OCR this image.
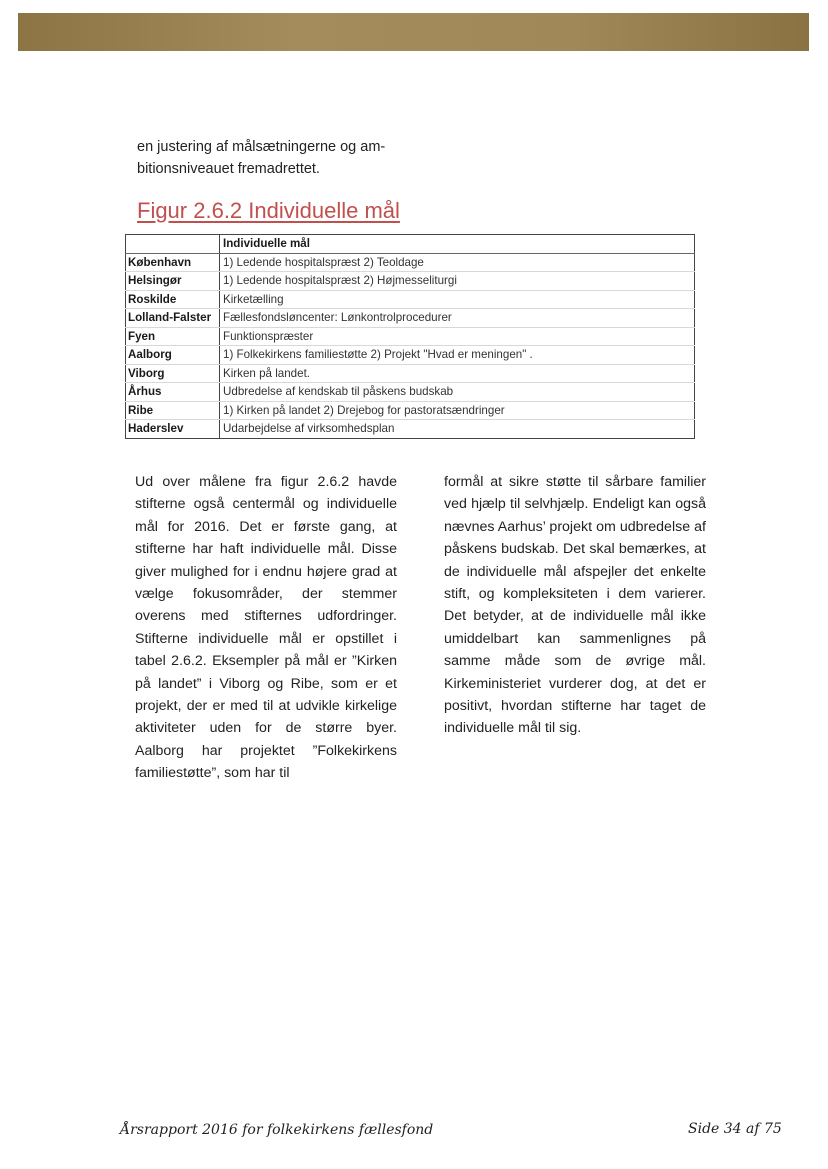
en justering af målsætningerne og am-

bitionsniveauet fremadrettet.

Figur 2.6.2 Individuelle mål
	Individuelle mål
København	1) Ledende hospitalspræst 2) Teoldage
Helsingør	1) Ledende hospitalspræst 2) Højmesseliturgi
Roskilde	Kirketælling
Lolland-Falster	Fællesfondsløncenter: Lønkontrolprocedurer
Fyen	Funktionspræster
Aalborg	1) Folkekirkens familiestøtte 2) Projekt "Hvad er meningen" .
Viborg	Kirken på landet.
Århus	Udbredelse af kendskab til påskens budskab
Ribe	1) Kirken på landet 2) Drejebog for pastoratsændringer
Haderslev	Udarbejdelse af virksomhedsplan

Ud over målene fra figur 2.6.2 havde stifterne også centermål og individuelle mål for 2016. Det er første gang, at stifterne har haft individuelle mål. Disse giver mulighed for i endnu højere grad at vælge fokusområder, der stemmer overens med stifternes udfordringer. Stifterne individuelle mål er opstillet i tabel 2.6.2. Eksempler på mål er ”Kirken på landet” i Viborg og Ribe, som er et projekt, der er med til at udvikle kirkelige aktiviteter uden for de større byer. Aalborg har projektet ”Folkekirkens familiestøtte”, som har til

formål at sikre støtte til sårbare familier ved hjælp til selvhjælp. Endeligt kan også nævnes Aarhus’ projekt om udbredelse af påskens budskab. Det skal bemærkes, at de individuelle mål afspejler det enkelte stift, og kompleksiteten i dem varierer. Det betyder, at de individuelle mål ikke umiddelbart kan sammenlignes på samme måde som de øvrige mål. Kirkeministeriet vurderer dog, at det er positivt, hvordan stifterne har taget de individuelle mål til sig.

Årsrapport 2016 for folkekirkens fællesfond	Side 34 af 75
